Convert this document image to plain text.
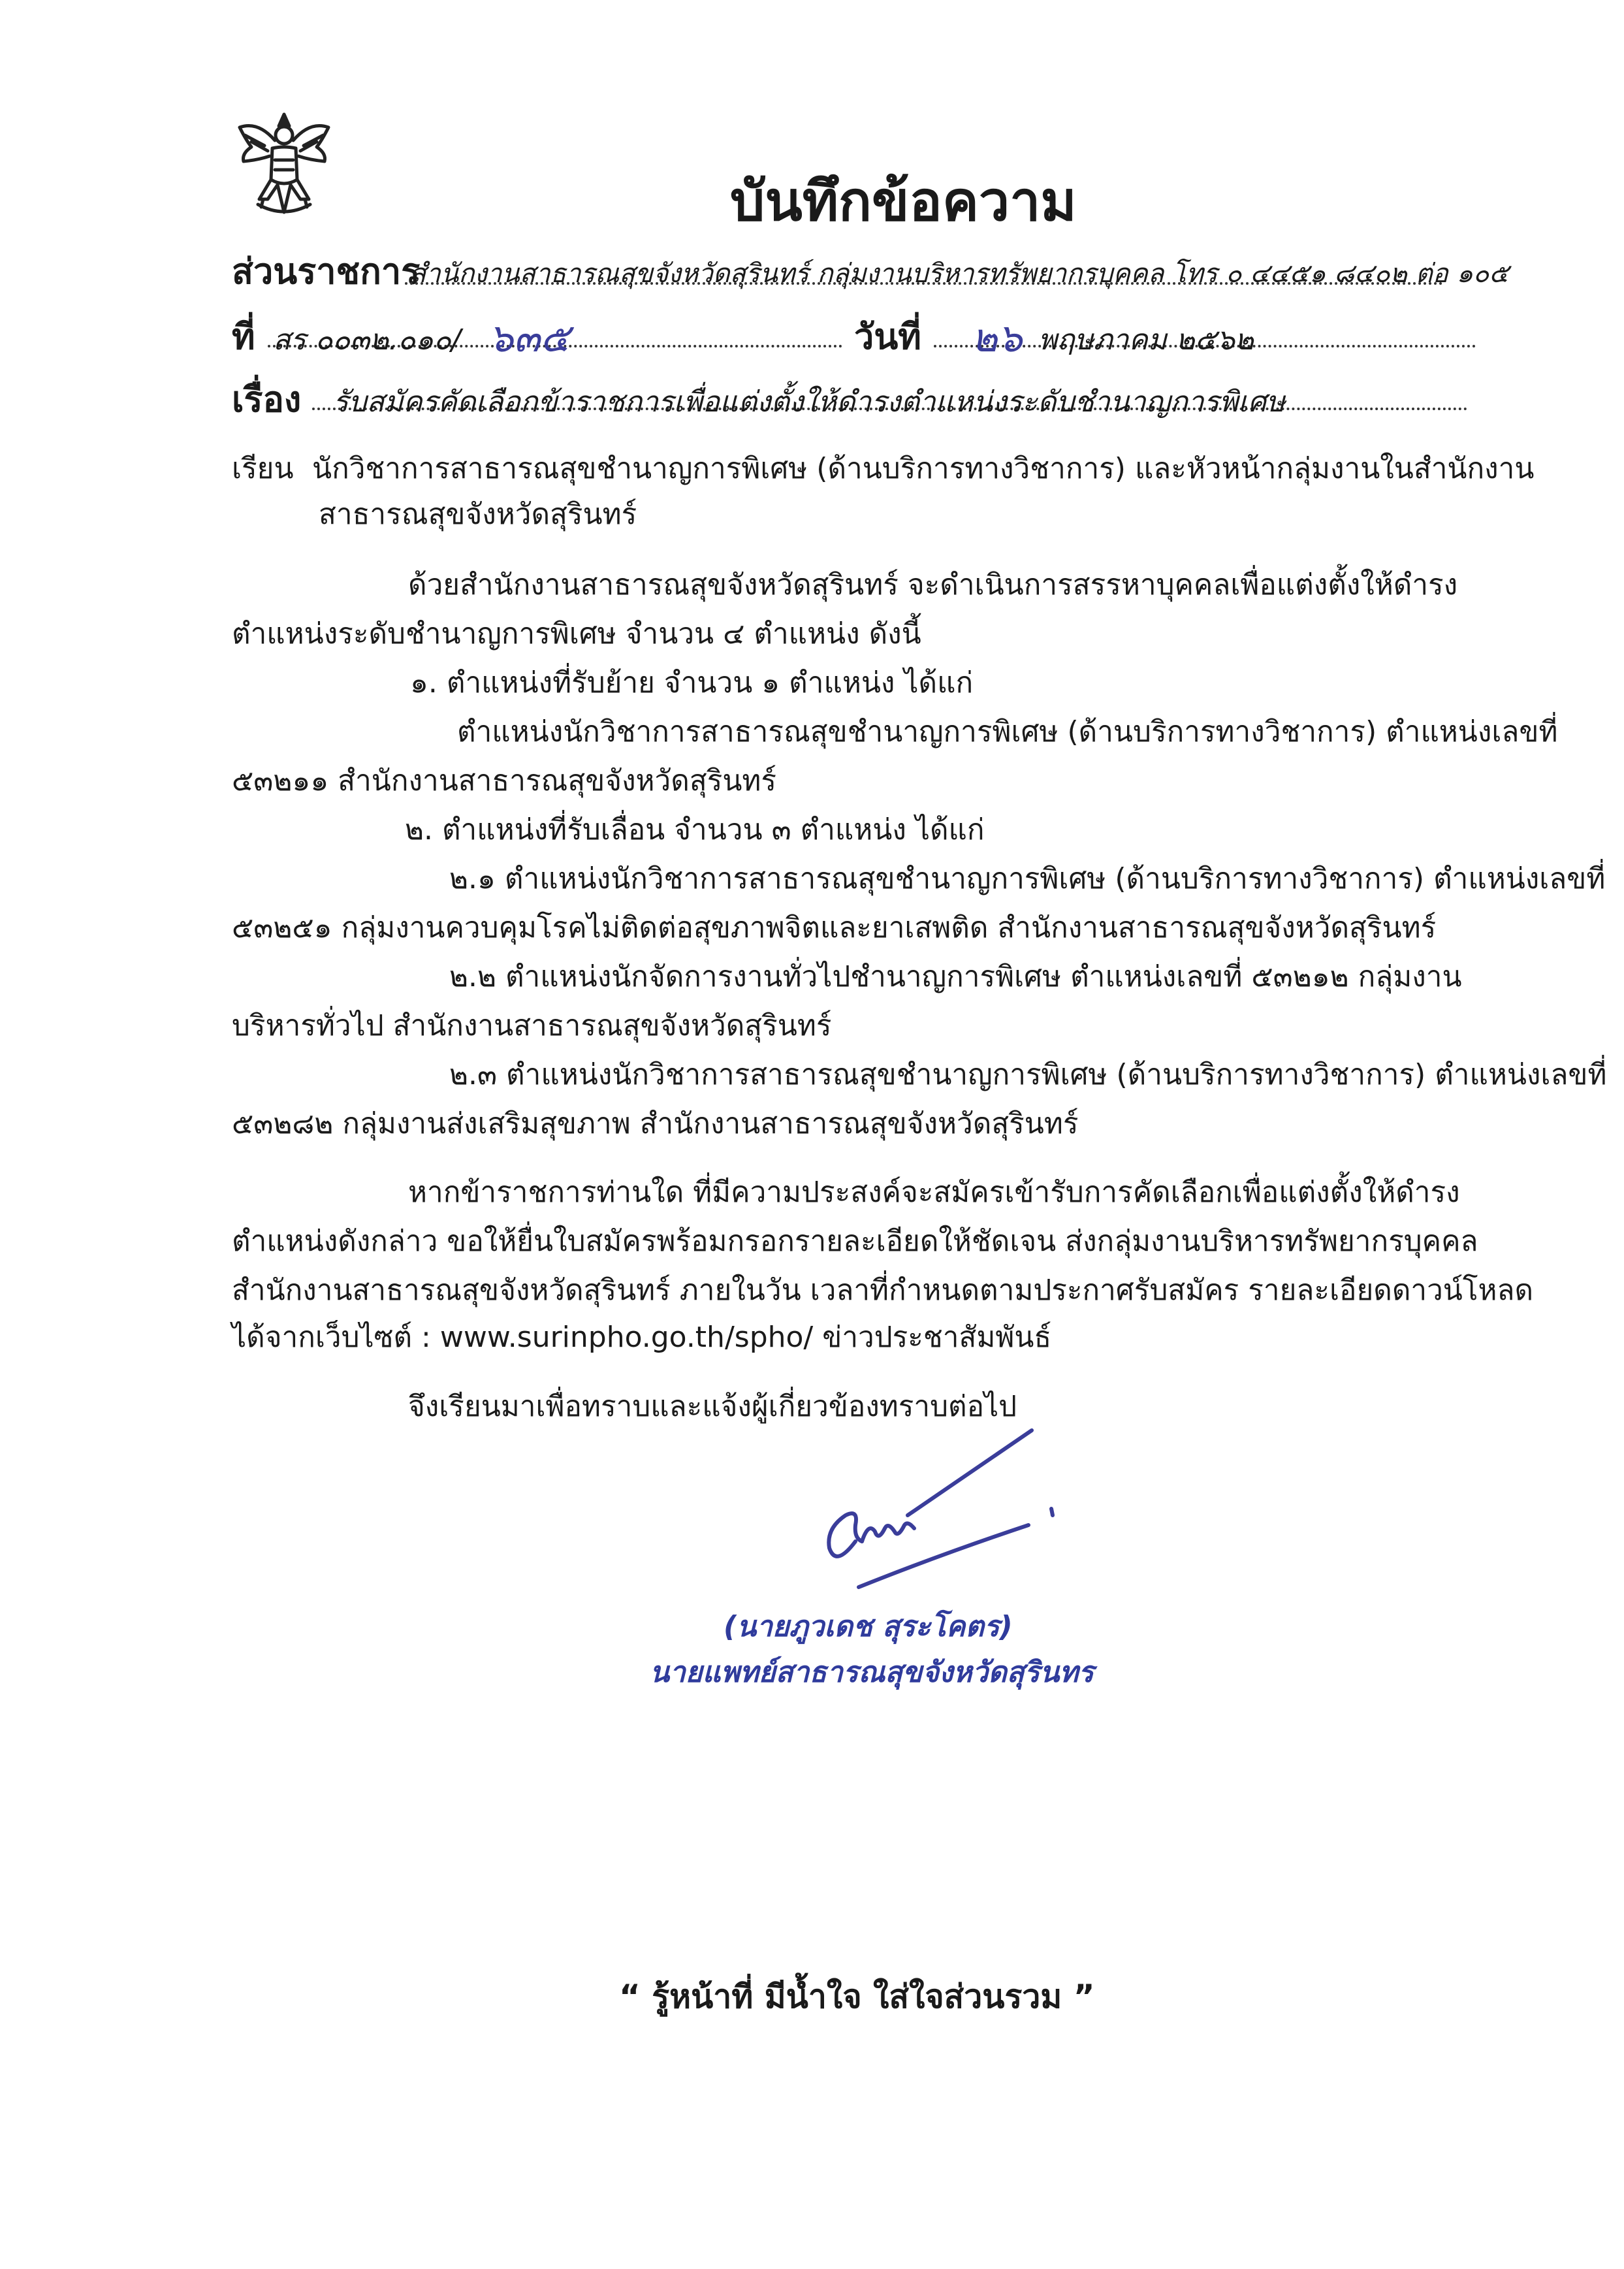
บันทึกข้อความ
ส่วนราชการ
สำนักงานสาธารณสุขจังหวัดสุรินทร์ กลุ่มงานบริหารทรัพยากรบุคคล โทร ๐ ๔๔๕๑ ๘๔๐๒ ต่อ ๑๐๕
ที่ สร ๐๐๓๒.๐๑๐/ ๖๓๕	วันที่ ๒๖ พฤษภาคม ๒๕๖๒
เรื่อง รับสมัครคัดเลือกข้าราชการเพื่อแต่งตั้งให้ดำรงตำแหน่งระดับชำนาญการพิเศษ
เรียน นักวิชาการสาธารณสุขชำนาญการพิเศษ (ด้านบริการทางวิชาการ) และหัวหน้ากลุ่มงานในสำนักงาน
สาธารณสุขจังหวัดสุรินทร์
ด้วยสำนักงานสาธารณสุขจังหวัดสุรินทร์ จะดำเนินการสรรหาบุคคลเพื่อแต่งตั้งให้ดำรง
ตำแหน่งระดับชำนาญการพิเศษ จำนวน ๔ ตำแหน่ง ดังนี้
๑. ตำแหน่งที่รับย้าย จำนวน ๑ ตำแหน่ง ได้แก่
ตำแหน่งนักวิชาการสาธารณสุขชำนาญการพิเศษ (ด้านบริการทางวิชาการ) ตำแหน่งเลขที่
๕๓๒๑๑ สำนักงานสาธารณสุขจังหวัดสุรินทร์
๒. ตำแหน่งที่รับเลื่อน จำนวน ๓ ตำแหน่ง ได้แก่
๒.๑ ตำแหน่งนักวิชาการสาธารณสุขชำนาญการพิเศษ (ด้านบริการทางวิชาการ) ตำแหน่งเลขที่
๕๓๒๕๑ กลุ่มงานควบคุมโรคไม่ติดต่อสุขภาพจิตและยาเสพติด สำนักงานสาธารณสุขจังหวัดสุรินทร์
๒.๒ ตำแหน่งนักจัดการงานทั่วไปชำนาญการพิเศษ ตำแหน่งเลขที่ ๕๓๒๑๒ กลุ่มงาน
บริหารทั่วไป สำนักงานสาธารณสุขจังหวัดสุรินทร์
๒.๓ ตำแหน่งนักวิชาการสาธารณสุขชำนาญการพิเศษ (ด้านบริการทางวิชาการ) ตำแหน่งเลขที่
๕๓๒๘๒ กลุ่มงานส่งเสริมสุขภาพ สำนักงานสาธารณสุขจังหวัดสุรินทร์
หากข้าราชการท่านใด ที่มีความประสงค์จะสมัครเข้ารับการคัดเลือกเพื่อแต่งตั้งให้ดำรง
ตำแหน่งดังกล่าว ขอให้ยื่นใบสมัครพร้อมกรอกรายละเอียดให้ชัดเจน ส่งกลุ่มงานบริหารทรัพยากรบุคคล
สำนักงานสาธารณสุขจังหวัดสุรินทร์ ภายในวัน เวลาที่กำหนดตามประกาศรับสมัคร รายละเอียดดาวน์โหลด
ได้จากเว็บไซต์ : www.surinpho.go.th/spho/ ข่าวประชาสัมพันธ์
จึงเรียนมาเพื่อทราบและแจ้งผู้เกี่ยวข้องทราบต่อไป
(นายภูวเดช สุระโคตร)
นายแพทย์สาธารณสุขจังหวัดสุรินทร
“ รู้หน้าที่ มีน้ำใจ ใส่ใจส่วนรวม ”
